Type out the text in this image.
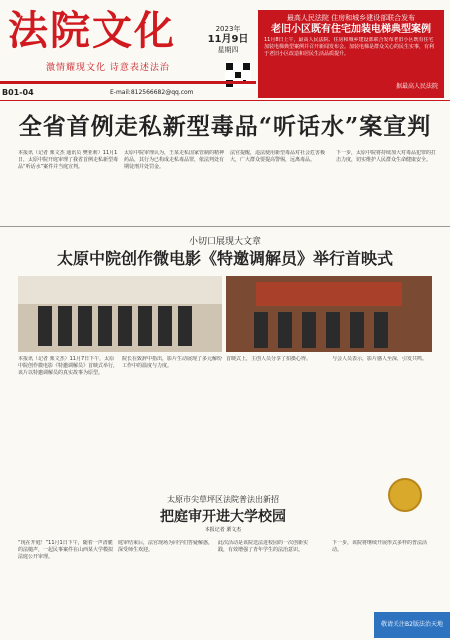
法院文化
激情耀现文化 诗意表述法治
2023年
11月9日
星期四
B01-04	E-mail:812566682@qq.com
最高人民法院 住房和城乡建设部联合发布
老旧小区既有住宅加装电梯典型案例
11月8日上午，最高人民法院、住房和城乡建设部联合发布老旧小区既有住宅加装电梯典型案例并召开新闻发布会。加装电梯是群众关心的民生实事，有利于老旧小区改造和居民生活品质提升。
据最高人民法院
全省首例走私新型毒品“听话水”案宣判
本报讯（记者 栗文杰 通讯员 樊亚莉）11月1日，太原中院开庭审理了我省首例走私新型毒品“听话水”案件并当庭宣判。
太原中院审理认为，王某走私国家管制的精神药品，其行为已构成走私毒品罪，依法判处有期徒刑并处罚金。
法官提醒，违法使用新型毒品对社会危害极大，广大群众要提高警惕，远离毒品。
下一步，太原中院将持续加大对毒品犯罪的打击力度，切实维护人民群众生命健康安全。
小切口展现大文章
太原中院创作微电影《特邀调解员》举行首映式
本报讯（记者 栗文杰）11月7日下午，太原中院创作微电影《特邀调解员》首映式举行，该片以特邀调解员的真实故事为原型。
院长在致辞中指出，影片生动展现了多元解纷工作中的温度与力度。
首映式上，主创人员分享了拍摄心得。	与会人员表示，影片感人至深，引发共鸣。
太原市尖草坪区法院普法出新招
把庭审开进大学校园
本报记者 栗文杰
“现在开庭！”11月1日下午，随着一声清脆的法槌声，一起民事案件在山西某大学模拟法庭公开审理。
庭审结束后，法官现场为同学们答疑解惑，深受师生欢迎。
此次活动是该院送法进校园的一次创新实践，有效增强了青年学生的法治意识。
下一步，该院将继续开展形式多样的普法活动。
敬请关注B2版法治天地
